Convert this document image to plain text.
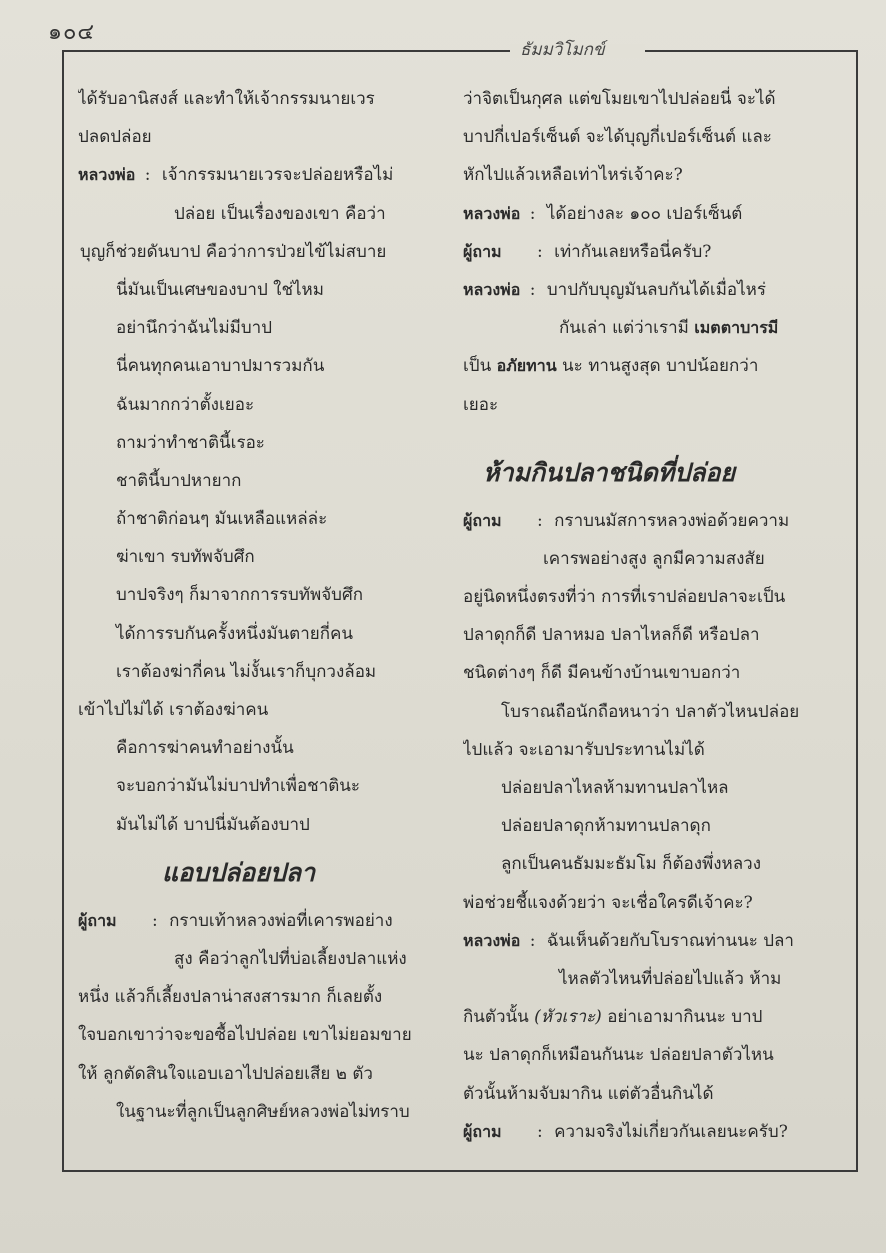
๑๐๔
ธัมมวิโมกข์
ได้รับอานิสงส์ และทำให้เจ้ากรรมนายเวร
ปลดปล่อย
หลวงพ่อ : เจ้ากรรมนายเวรจะปล่อยหรือไม่
ปล่อย เป็นเรื่องของเขา คือว่า
บุญก็ช่วยดันบาป คือว่าการป่วยไข้ไม่สบาย
นี่มันเป็นเศษของบาป ใช่ไหม
อย่านึกว่าฉันไม่มีบาป
นี่คนทุกคนเอาบาปมารวมกัน
ฉันมากกว่าตั้งเยอะ
ถามว่าทำชาตินี้เรอะ
ชาตินี้บาปหายาก
ถ้าชาติก่อนๆ มันเหลือแหล่ล่ะ
ฆ่าเขา รบทัพจับศึก
บาปจริงๆ ก็มาจากการรบทัพจับศึก
ได้การรบกันครั้งหนึ่งมันตายกี่คน
เราต้องฆ่ากี่คน ไม่งั้นเราก็บุกวงล้อม
เข้าไปไม่ได้ เราต้องฆ่าคน
คือการฆ่าคนทำอย่างนั้น
จะบอกว่ามันไม่บาปทำเพื่อชาตินะ
มันไม่ได้ บาปนี่มันต้องบาป
แอบปล่อยปลา
ผู้ถาม : กราบเท้าหลวงพ่อที่เคารพอย่าง
สูง คือว่าลูกไปที่บ่อเลี้ยงปลาแห่ง
หนึ่ง แล้วก็เลี้ยงปลาน่าสงสารมาก ก็เลยตั้ง
ใจบอกเขาว่าจะขอซื้อไปปล่อย เขาไม่ยอมขาย
ให้ ลูกตัดสินใจแอบเอาไปปล่อยเสีย ๒ ตัว
ในฐานะที่ลูกเป็นลูกศิษย์หลวงพ่อไม่ทราบ
ว่าจิตเป็นกุศล แต่ขโมยเขาไปปล่อยนี่ จะได้
บาปกี่เปอร์เซ็นต์ จะได้บุญกี่เปอร์เซ็นต์ และ
หักไปแล้วเหลือเท่าไหร่เจ้าคะ?
หลวงพ่อ : ได้อย่างละ ๑๐๐ เปอร์เซ็นต์
ผู้ถาม : เท่ากันเลยหรือนี่ครับ?
หลวงพ่อ : บาปกับบุญมันลบกันได้เมื่อไหร่
กันเล่า แต่ว่าเรามี เมตตาบารมี
เป็น อภัยทาน นะ ทานสูงสุด บาปน้อยกว่า
เยอะ
ห้ามกินปลาชนิดที่ปล่อย
ผู้ถาม : กราบนมัสการหลวงพ่อด้วยความ
เคารพอย่างสูง ลูกมีความสงสัย
อยู่นิดหนึ่งตรงที่ว่า การที่เราปล่อยปลาจะเป็น
ปลาดุกก็ดี ปลาหมอ ปลาไหลก็ดี หรือปลา
ชนิดต่างๆ ก็ดี มีคนข้างบ้านเขาบอกว่า
โบราณถือนักถือหนาว่า ปลาตัวไหนปล่อย
ไปแล้ว จะเอามารับประทานไม่ได้
ปล่อยปลาไหลห้ามทานปลาไหล
ปล่อยปลาดุกห้ามทานปลาดุก
ลูกเป็นคนธัมมะธัมโม ก็ต้องพึ่งหลวง
พ่อช่วยชี้แจงด้วยว่า จะเชื่อใครดีเจ้าคะ?
หลวงพ่อ : ฉันเห็นด้วยกับโบราณท่านนะ ปลา
ไหลตัวไหนที่ปล่อยไปแล้ว ห้าม
กินตัวนั้น (หัวเราะ) อย่าเอามากินนะ บาป
นะ ปลาดุกก็เหมือนกันนะ ปล่อยปลาตัวไหน
ตัวนั้นห้ามจับมากิน แต่ตัวอื่นกินได้
ผู้ถาม : ความจริงไม่เกี่ยวกันเลยนะครับ?
